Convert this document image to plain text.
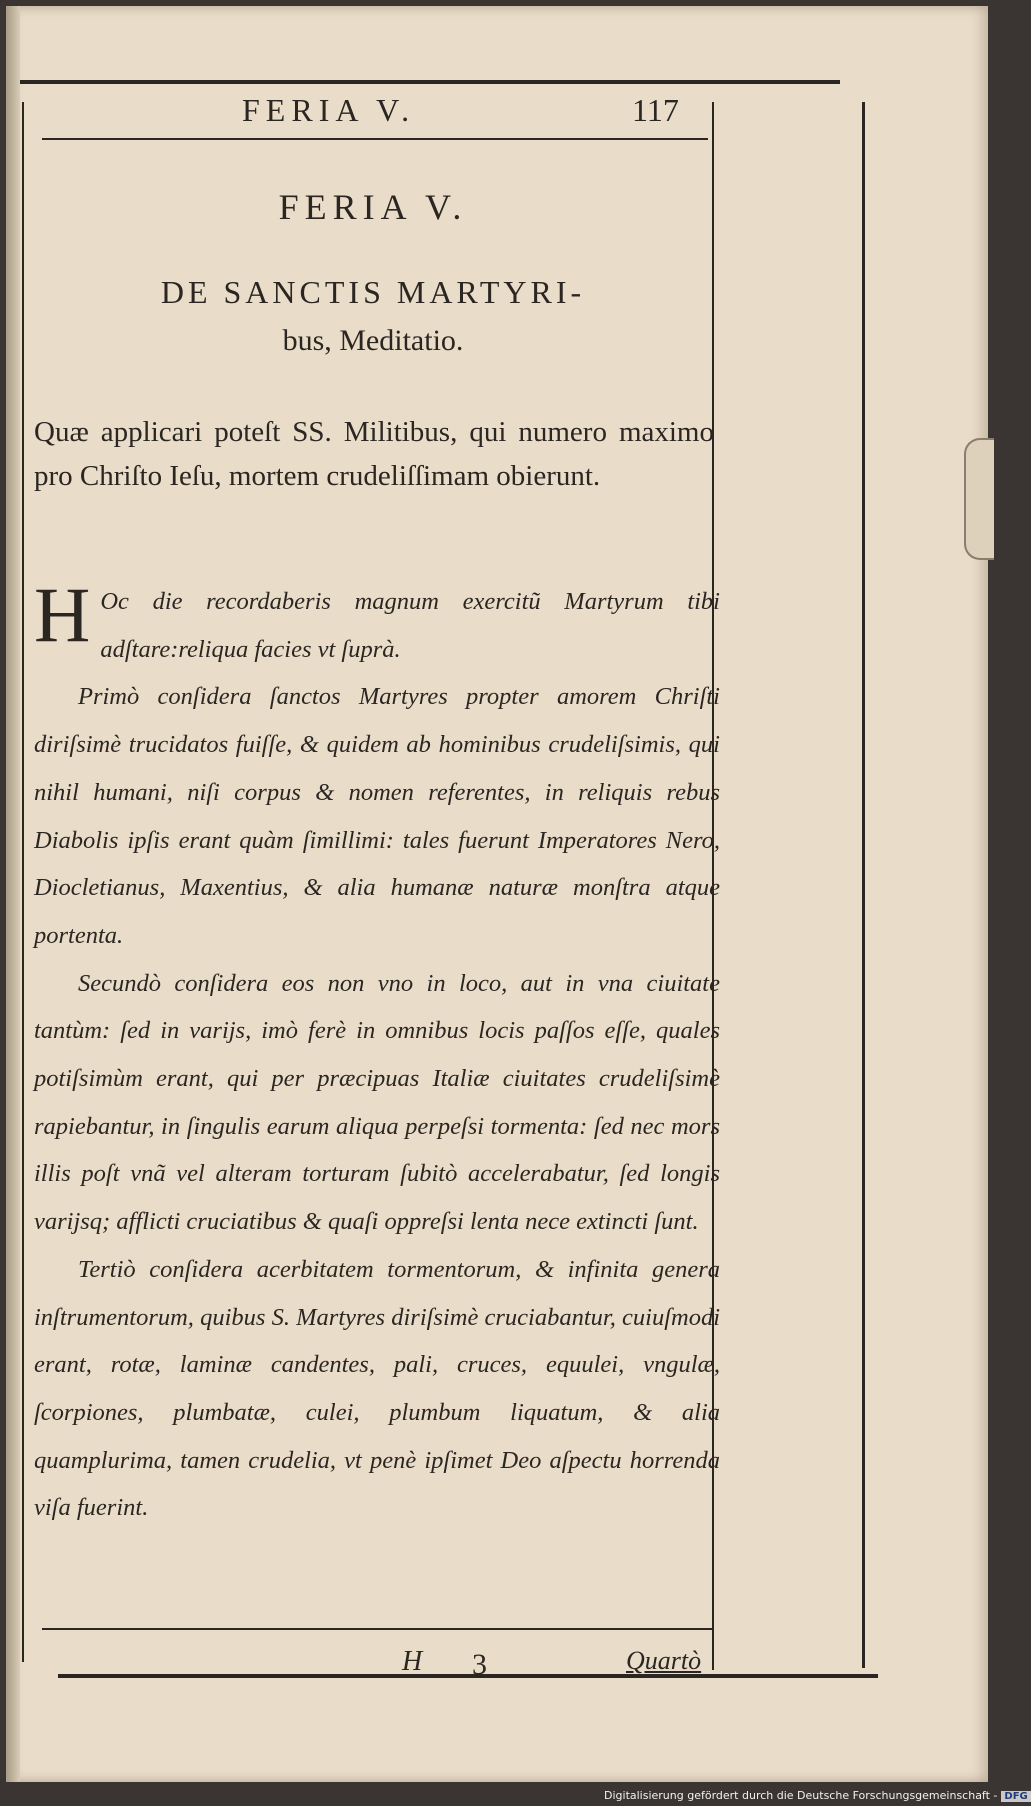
FERIA V.	117
FERIA V.
DE SANCTIS MARTYRI-
bus, Meditatio.
Quæ applicari poteſt SS. Militibus, qui numero maximo pro Chriſto Ieſu, mortem crudeliſſimam obierunt.

H Oc die recordaberis magnum exercitũ Martyrum tibi adſtare:reliqua facies vt ſuprà.

Primò conſidera ſanctos Martyres propter amorem Chriſti diriſsimè trucidatos fuiſſe, & quidem ab hominibus crudeliſsimis, qui nihil humani, niſi corpus & nomen referentes, in reliquis rebus Diabolis ipſis erant quàm ſimillimi: tales fuerunt Imperatores Nero, Diocletianus, Maxentius, & alia humanæ naturæ monſtra atque portenta.

Secundò conſidera eos non vno in loco, aut in vna ciuitate tantùm: ſed in varijs, imò ferè in omnibus locis paſſos eſſe, quales potiſsimùm erant, qui per præcipuas Italiæ ciuitates crudeliſsimè rapiebantur, in ſingulis earum aliqua perpeſsi tormenta: ſed nec mors illis poſt vnã vel alteram torturam ſubitò accelerabatur, ſed longis varijsq; afflicti cruciatibus & quaſi oppreſsi lenta nece extincti ſunt.

Tertiò conſidera acerbitatem tormentorum, & infinita genera inſtrumentorum, quibus S. Martyres diriſsimè cruciabantur, cuiuſmodi erant, rotæ, laminæ candentes, pali, cruces, equulei, vngulæ, ſcorpiones, plumbatæ, culei, plumbum liquatum, & alia quamplurima, tamen crudelia, vt penè ipſimet Deo aſpectu horrenda viſa fuerint.

H 3	Quartò
Digitalisierung gefördert durch die Deutsche Forschungsgemeinschaft - DFG
